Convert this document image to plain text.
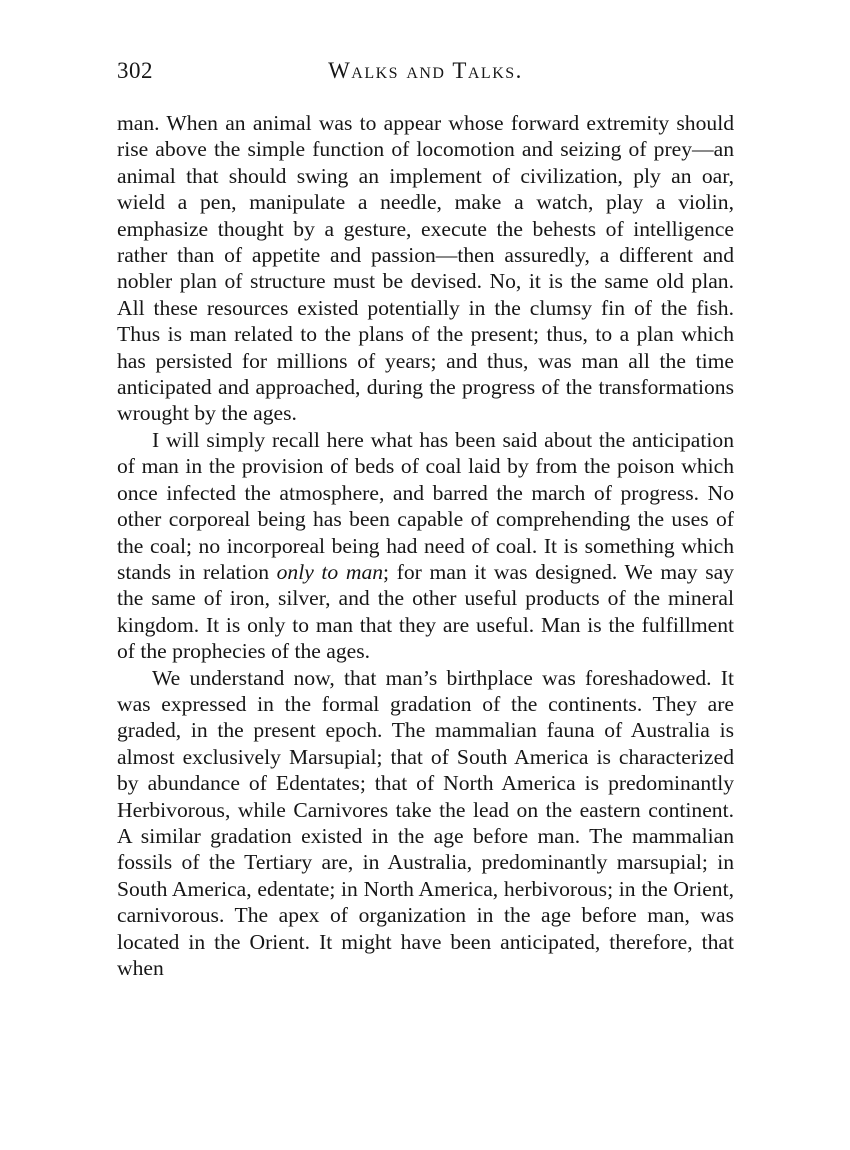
302	Walks and Talks.

man. When an animal was to appear whose forward extremity should rise above the simple function of locomotion and seizing of prey—an animal that should swing an implement of civilization, ply an oar, wield a pen, manipulate a needle, make a watch, play a violin, emphasize thought by a gesture, execute the behests of intelligence rather than of appetite and passion—then assuredly, a different and nobler plan of structure must be devised. No, it is the same old plan. All these resources existed potentially in the clumsy fin of the fish. Thus is man related to the plans of the present; thus, to a plan which has persisted for millions of years; and thus, was man all the time anticipated and approached, during the progress of the transformations wrought by the ages.

I will simply recall here what has been said about the anticipation of man in the provision of beds of coal laid by from the poison which once infected the atmosphere, and barred the march of progress. No other corporeal being has been capable of comprehending the uses of the coal; no incorporeal being had need of coal. It is something which stands in relation only to man; for man it was designed. We may say the same of iron, silver, and the other useful products of the mineral kingdom. It is only to man that they are useful. Man is the fulfillment of the prophecies of the ages.

We understand now, that man’s birthplace was foreshadowed. It was expressed in the formal gradation of the continents. They are graded, in the present epoch. The mammalian fauna of Australia is almost exclusively Marsupial; that of South America is characterized by abundance of Edentates; that of North America is predominantly Herbivorous, while Carnivores take the lead on the eastern continent. A similar gradation existed in the age before man. The mammalian fossils of the Tertiary are, in Australia, predominantly marsupial; in South America, edentate; in North America, herbivorous; in the Orient, carnivorous. The apex of organization in the age before man, was located in the Orient. It might have been anticipated, therefore, that when
